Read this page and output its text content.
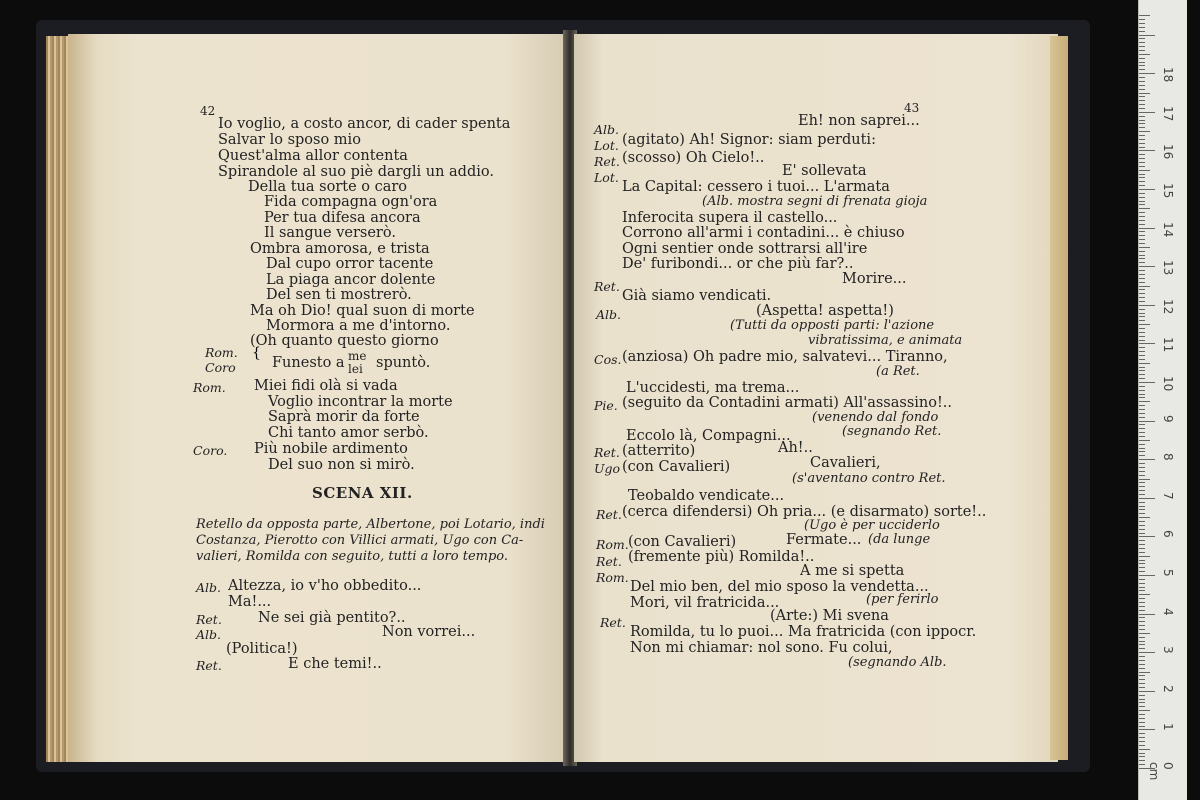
42
Io voglio, a costo ancor, di cader spenta
Salvar lo sposo mio
Quest'alma allor contenta
Spirandole al suo piè dargli un addio.
Della tua sorte o caro
Fida compagna ogn'ora
Per tua difesa ancora
Il sangue verserò.
Ombra amorosa, e trista
Dal cupo orror tacente
La piaga ancor dolente
Del sen ti mostrerò.
Ma oh Dio! qual suon di morte
Mormora a me d'intorno.
(Oh quanto questo giorno
Rom.
Coro
{
Funesto a me
lei spuntò.
Rom. Miei fidi olà si vada
Voglio incontrar la morte
Saprà morir da forte
Chi tanto amor serbò.
Coro. Più nobile ardimento
Del suo non si mirò.
SCENA XII.
Retello da opposta parte, Albertone, poi Lotario, indi
Costanza, Pierotto con Villici armati, Ugo con Ca-
valieri, Romilda con seguito, tutti a loro tempo.
Alb. Altezza, io v'ho obbedito...
Ma!...
Ret. Ne sei già pentito?..
Alb.	Non vorrei...
(Politica!)
Ret.	E che temi!..
43
Eh! non saprei...
Alb.
Lot. (agitato) Ah! Signor: siam perduti:
Ret. (scosso) Oh Cielo!..
Lot.	E' sollevata
La Capital: cessero i tuoi... L'armata
(Alb. mostra segni di frenata gioja
Inferocita supera il castello...
Corrono all'armi i contadini... è chiuso
Ogni sentier onde sottrarsi all'ire
De' furibondi... or che più far?..
Morire...
Ret.
Già siamo vendicati.
Alb.	(Aspetta! aspetta!)
(Tutti da opposti parti: l'azione
vibratissima, e animata
Cos. (anziosa) Oh padre mio, salvatevi... Tiranno,
(a Ret.
L'uccidesti, ma trema...
Pie. (seguito da Contadini armati) All'assassino!..
(venendo dal fondo
Eccolo là, Compagni...	(segnando Ret.
Ret. (atterrito)	Ah!..
Ugo (con Cavalieri)	Cavalieri,
(s'aventano contro Ret.
Teobaldo vendicate...
Ret. (cerca difendersi) Oh pria... (e disarmato) sorte!..
(Ugo è per ucciderlo
Rom. (con Cavalieri)	Fermate... (da lunge
Ret. (fremente più) Romilda!..
Rom.	A me si spetta
Del mio ben, del mio sposo la vendetta...
Mori, vil fratricida...	(per ferirlo
Ret.	(Arte:) Mi svena
Romilda, tu lo puoi... Ma fratricida (con ippocr.
Non mi chiamar: nol sono. Fu colui,
(segnando Alb.
0 cm
1
2
3
4
5
6
7
8
9
10
11
12
13
14
15
16
17
18
